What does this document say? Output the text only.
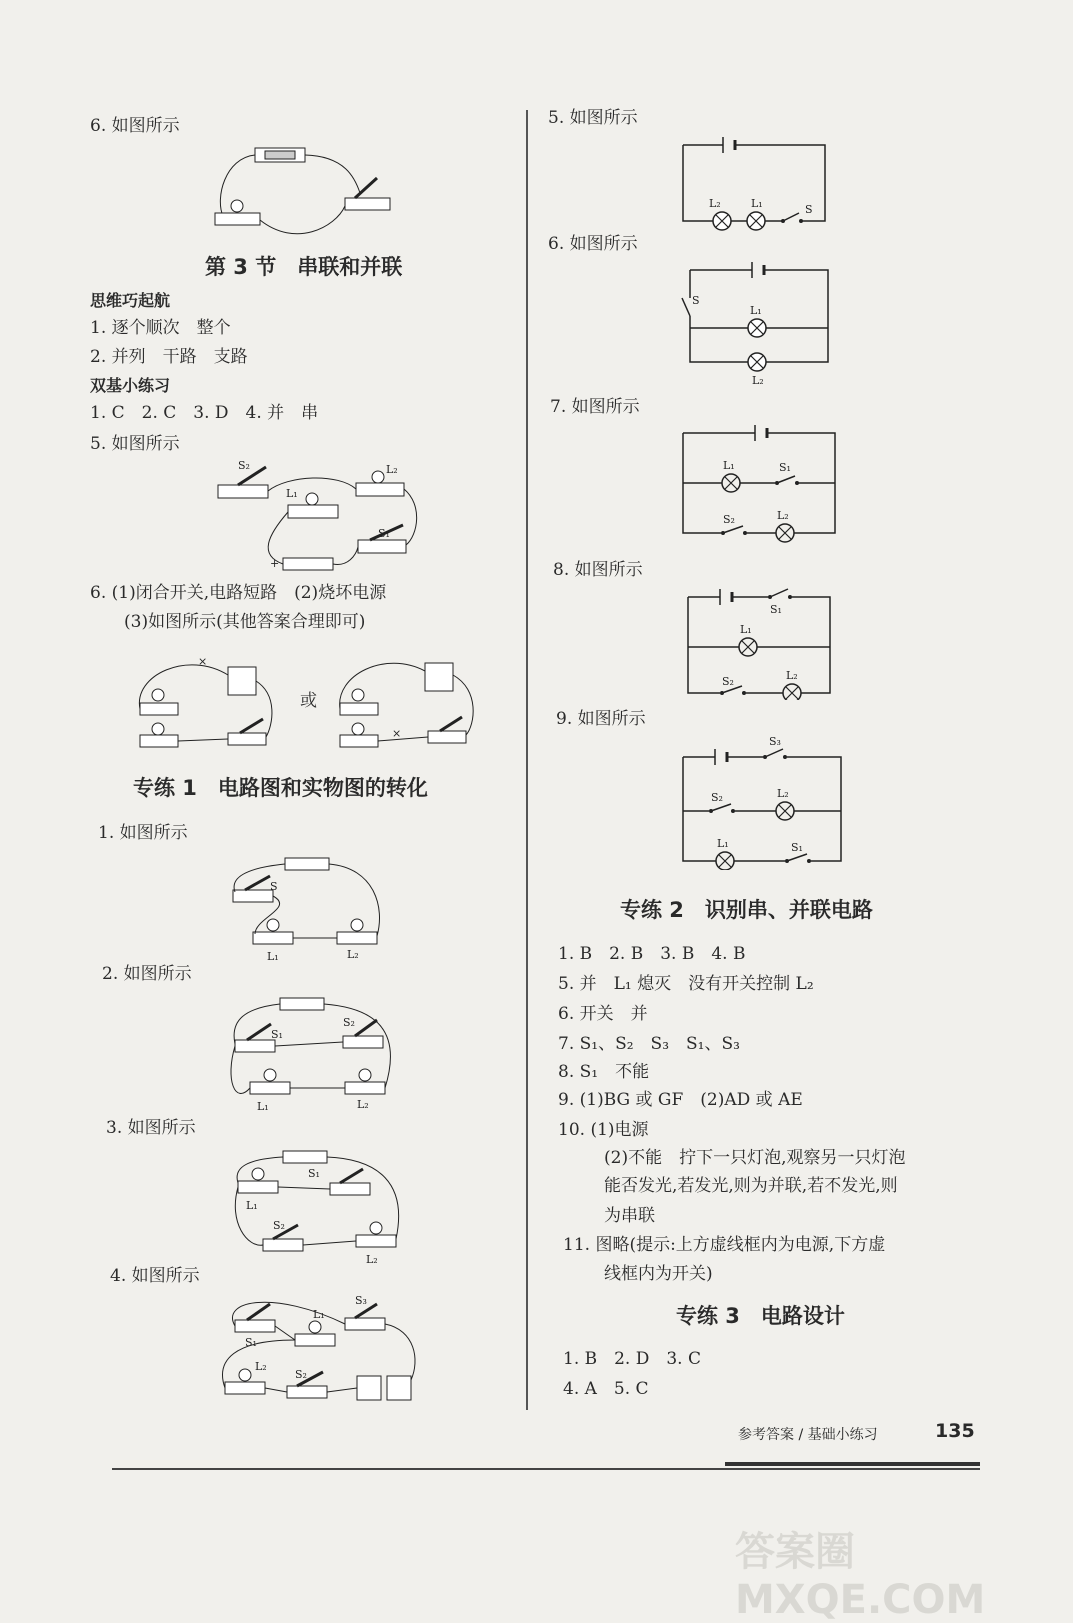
6. 如图所示
第 3 节　串联和并联
思维巧起航
1. 逐个顺次　整个
2. 并列　干路　支路
双基小练习
1. C　2. C　3. D　4. 并　串
5. 如图所示
S₂	L₂
L₁
S₁
+
6. (1)闭合开关,电路短路　(2)烧坏电源
(3)如图所示(其他答案合理即可)
×
或
×
专练 1　电路图和实物图的转化
1. 如图所示
S
L₁	L₂
2. 如图所示
S₁
S₂
L₁	L₂
3. 如图所示
L₁
S₁
S₂
L₂
4. 如图所示
S₁
L₁
S₃
L₂
S₂
5. 如图所示
L₂	L₁	S
6. 如图所示
S
L₁
L₂
7. 如图所示
L₁	S₁
S₂	L₂
8. 如图所示
S₁
L₁
S₂	L₂
9. 如图所示
S₃
S₂	L₂
L₁	S₁
专练 2　识别串、并联电路
1. B　2. B　3. B　4. B
5. 并　L₁ 熄灭　没有开关控制 L₂
6. 开关　并
7. S₁、S₂　S₃　S₁、S₃
8. S₁　不能
9. (1)BG 或 GF　(2)AD 或 AE
10. (1)电源
(2)不能　拧下一只灯泡,观察另一只灯泡
能否发光,若发光,则为并联,若不发光,则
为串联
11. 图略(提示:上方虚线框内为电源,下方虚
线框内为开关)
专练 3　电路设计
1. B　2. D　3. C
4. A　5. C
参考答案 / 基础小练习	135
答案圈 MXQE.COM
